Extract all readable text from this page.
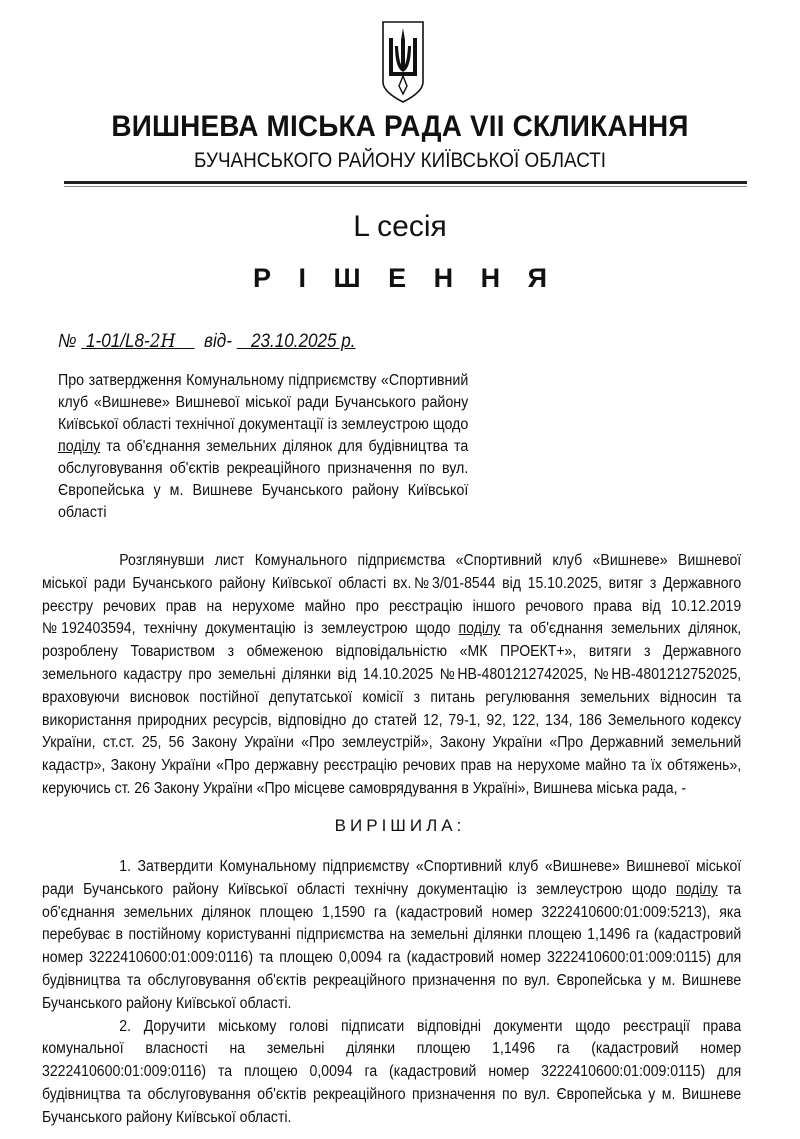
ВИШНЕВА МІСЬКА РАДА VII СКЛИКАННЯ
БУЧАНСЬКОГО РАЙОНУ КИЇВСЬКОЇ ОБЛАСТІ
L сесія
Р І Ш Е Н Н Я
№ 1-01/L8-2Н від- 23.10.2025 р.
Про затвердження Комунальному підприємству «Спортивний клуб «Вишневе» Вишневої міської ради Бучанського району Київської області технічної документації із землеустрою щодо поділу та об'єднання земельних ділянок для будівництва та обслуговування об'єктів рекреаційного призначення по вул. Європейська у м. Вишневе Бучанського району Київської області

Розглянувши лист Комунального підприємства «Спортивний клуб «Вишневе» Вишневої міської ради Бучанського району Київської області вх.№3/01-8544 від 15.10.2025, витяг з Державного реєстру речових прав на нерухоме майно про реєстрацію іншого речового права від 10.12.2019 №192403594, технічну документацію із землеустрою щодо поділу та об'єднання земельних ділянок, розроблену Товариством з обмеженою відповідальністю «МК ПРОЕКТ+», витяги з Державного земельного кадастру про земельні ділянки від 14.10.2025 №НВ-4801212742025, №НВ-4801212752025, враховуючи висновок постійної депутатської комісії з питань регулювання земельних відносин та використання природних ресурсів, відповідно до статей 12, 79-1, 92, 122, 134, 186 Земельного кодексу України, ст.ст. 25, 56 Закону України «Про землеустрій», Закону України «Про Державний земельний кадастр», Закону України «Про державну реєстрацію речових прав на нерухоме майно та їх обтяжень», керуючись ст. 26 Закону України «Про місцеве самоврядування в Україні», Вишнева міська рада, -

ВИРІШИЛА:

1. Затвердити Комунальному підприємству «Спортивний клуб «Вишневе» Вишневої міської ради Бучанського району Київської області технічну документацію із землеустрою щодо поділу та об'єднання земельних ділянок площею 1,1590 га (кадастровий номер 3222410600:01:009:5213), яка перебуває в постійному користуванні підприємства на земельні ділянки площею 1,1496 га (кадастровий номер 3222410600:01:009:0116) та площею 0,0094 га (кадастровий номер 3222410600:01:009:0115) для будівництва та обслуговування об'єктів рекреаційного призначення по вул. Європейська у м. Вишневе Бучанського району Київської області.

2. Доручити міському голові підписати відповідні документи щодо реєстрації права комунальної власності на земельні ділянки площею 1,1496 га (кадастровий номер 3222410600:01:009:0116) та площею 0,0094 га (кадастровий номер 3222410600:01:009:0115) для будівництва та обслуговування об'єктів рекреаційного призначення по вул. Європейська у м. Вишневе Бучанського району Київської області.
